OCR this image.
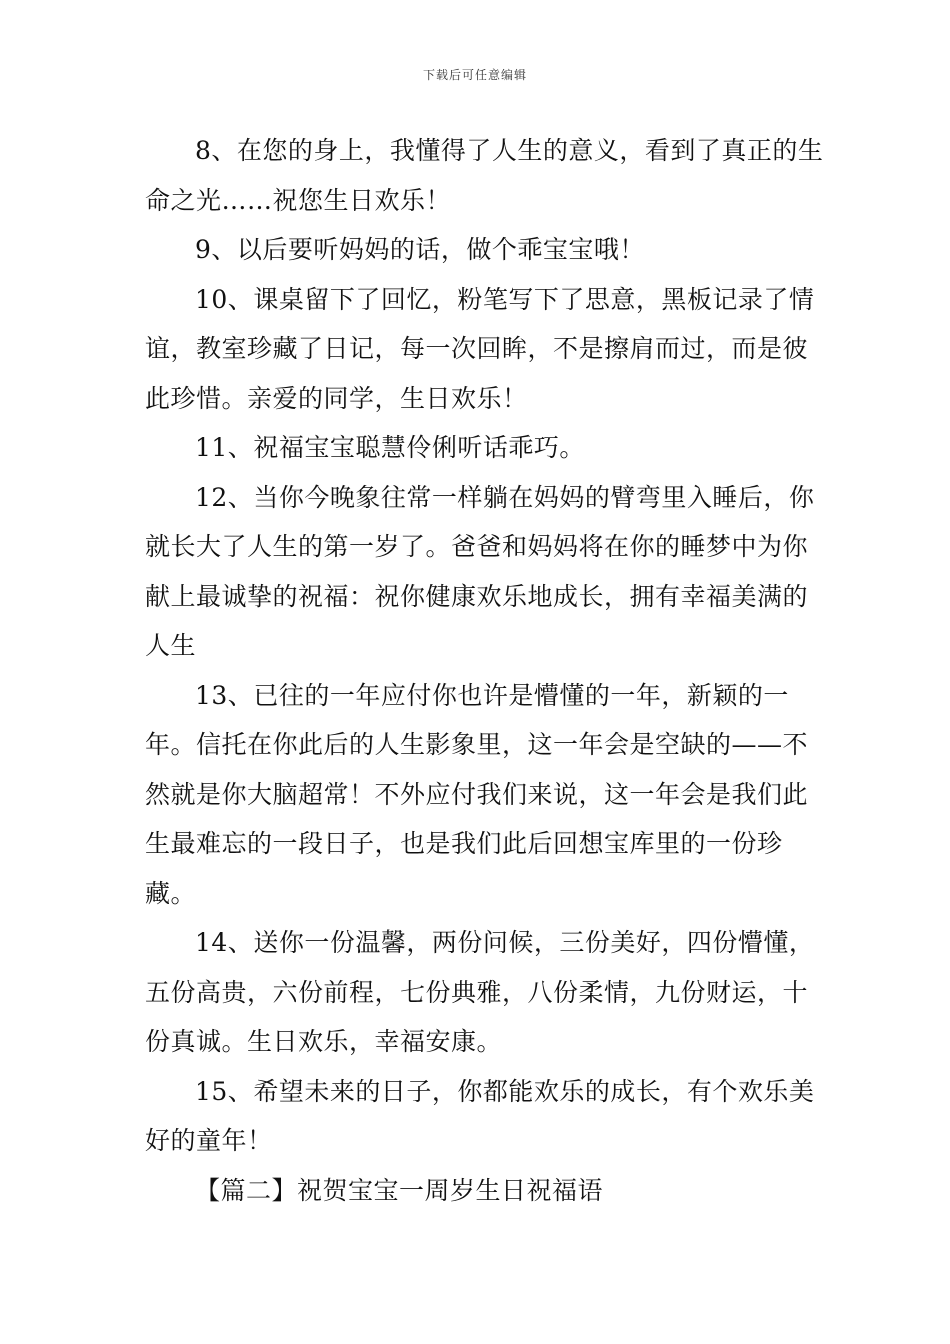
下载后可任意编辑

8、在您的身上，我懂得了人生的意义，看到了真正的生命之光……祝您生日欢乐！

9、以后要听妈妈的话，做个乖宝宝哦！

10、课桌留下了回忆，粉笔写下了思意，黑板记录了情谊，教室珍藏了日记，每一次回眸，不是擦肩而过，而是彼此珍惜。亲爱的同学，生日欢乐！

11、祝福宝宝聪慧伶俐听话乖巧。

12、当你今晚象往常一样躺在妈妈的臂弯里入睡后，你就长大了人生的第一岁了。爸爸和妈妈将在你的睡梦中为你献上最诚挚的祝福：祝你健康欢乐地成长，拥有幸福美满的人生

13、已往的一年应付你也许是懵懂的一年，新颖的一年。信托在你此后的人生影象里，这一年会是空缺的——不然就是你大脑超常！不外应付我们来说，这一年会是我们此生最难忘的一段日子，也是我们此后回想宝库里的一份珍藏。

14、送你一份温馨，两份问候，三份美好，四份懵懂，五份高贵，六份前程，七份典雅，八份柔情，九份财运，十份真诚。生日欢乐，幸福安康。

15、希望未来的日子，你都能欢乐的成长，有个欢乐美好的童年！

【篇二】祝贺宝宝一周岁生日祝福语
